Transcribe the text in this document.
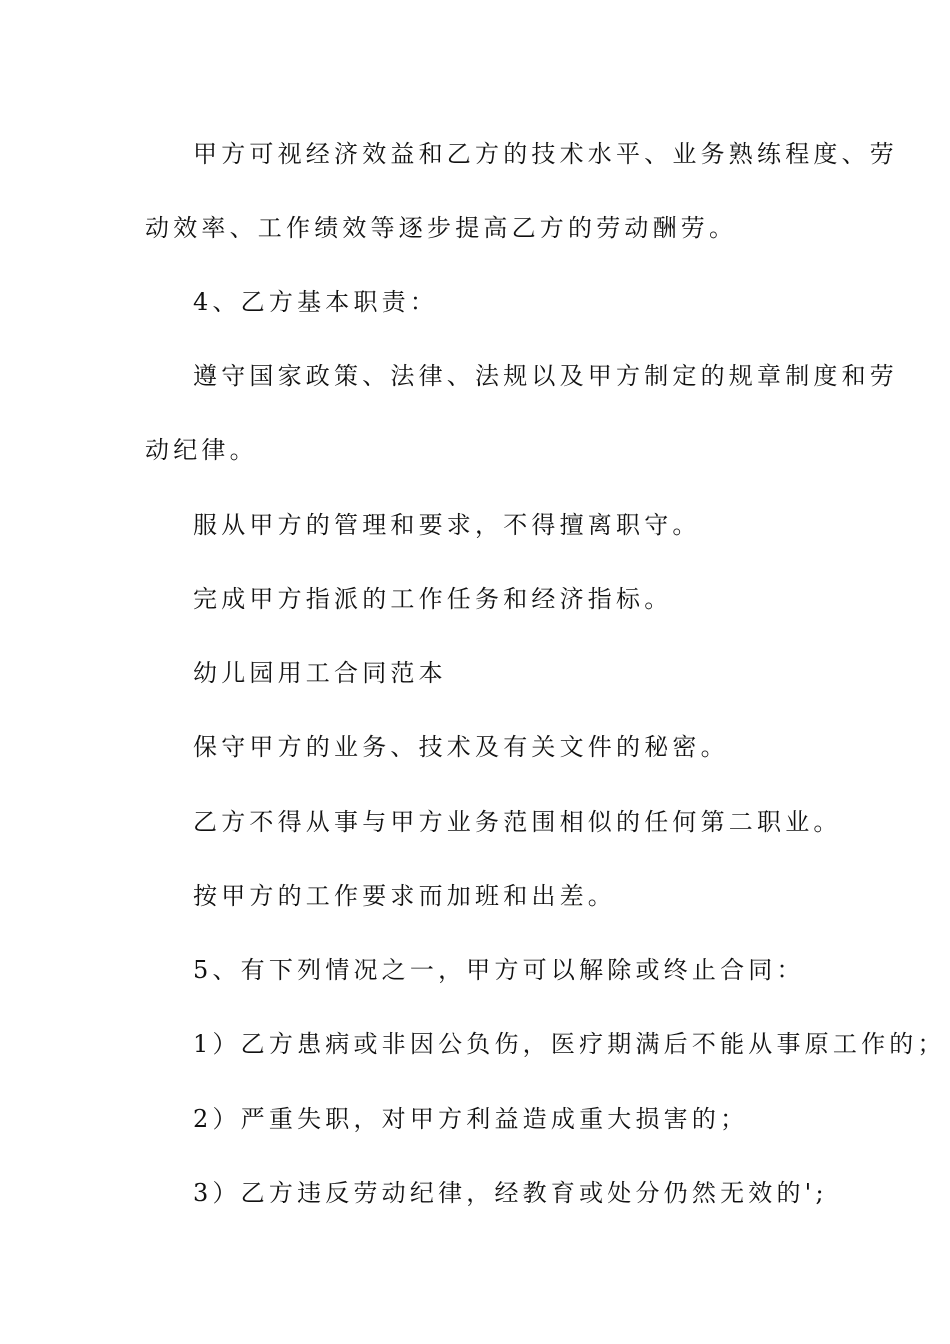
甲方可视经济效益和乙方的技术水平、业务熟练程度、劳
动效率、工作绩效等逐步提高乙方的劳动酬劳。
4、乙方基本职责：
遵守国家政策、法律、法规以及甲方制定的规章制度和劳
动纪律。
服从甲方的管理和要求，不得擅离职守。
完成甲方指派的工作任务和经济指标。
幼儿园用工合同范本
保守甲方的业务、技术及有关文件的秘密。
乙方不得从事与甲方业务范围相似的任何第二职业。
按甲方的工作要求而加班和出差。
5、有下列情况之一，甲方可以解除或终止合同：
1）乙方患病或非因公负伤，医疗期满后不能从事原工作的；
2）严重失职，对甲方利益造成重大损害的；
3）乙方违反劳动纪律，经教育或处分仍然无效的';
